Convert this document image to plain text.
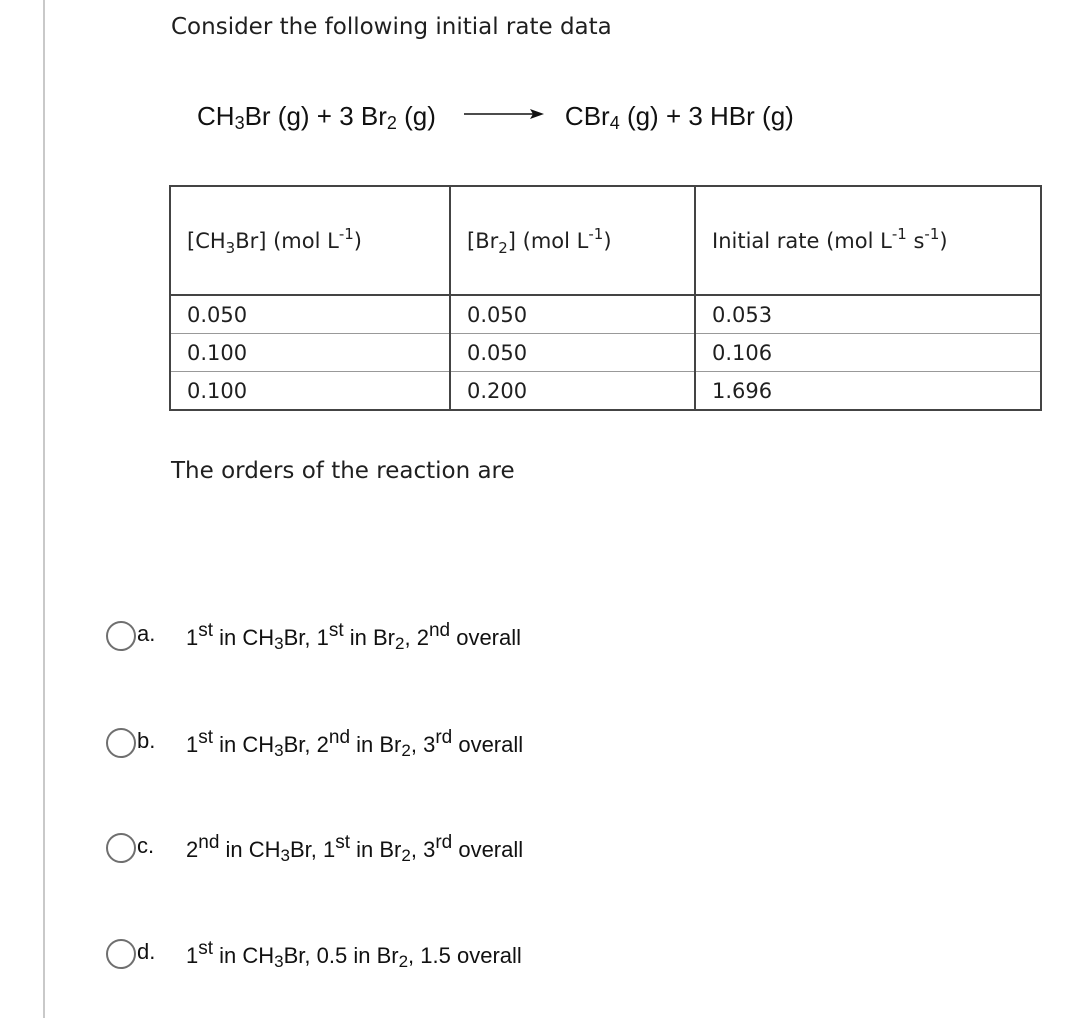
Consider the following initial rate data
$CH_3Br$ (g) + 3 $Br_2$ (g) → CBr$_4$ (g) + 3 HBr (g)
$[CH_3Br]$ (mol $L^{-1}$)	$[Br_2]$ (mol $L^{-1}$)	Initial rate (mol $L^{-1}$ $s^{-1}$)
0.050	0.050	0.053
0.100	0.050	0.106
0.100	0.200	1.696
The orders of the reaction are
a. 1st in $CH_3Br$, 1st in $Br_2$, 2nd overall
b. 1st in $CH_3Br$, 2nd in $Br_2$, 3rd overall
c. 2nd in $CH_3Br$, 1st in $Br_2$, 3rd overall
d. 1st in $CH_3Br$, 0.5 in $Br_2$, 1.5 overall
